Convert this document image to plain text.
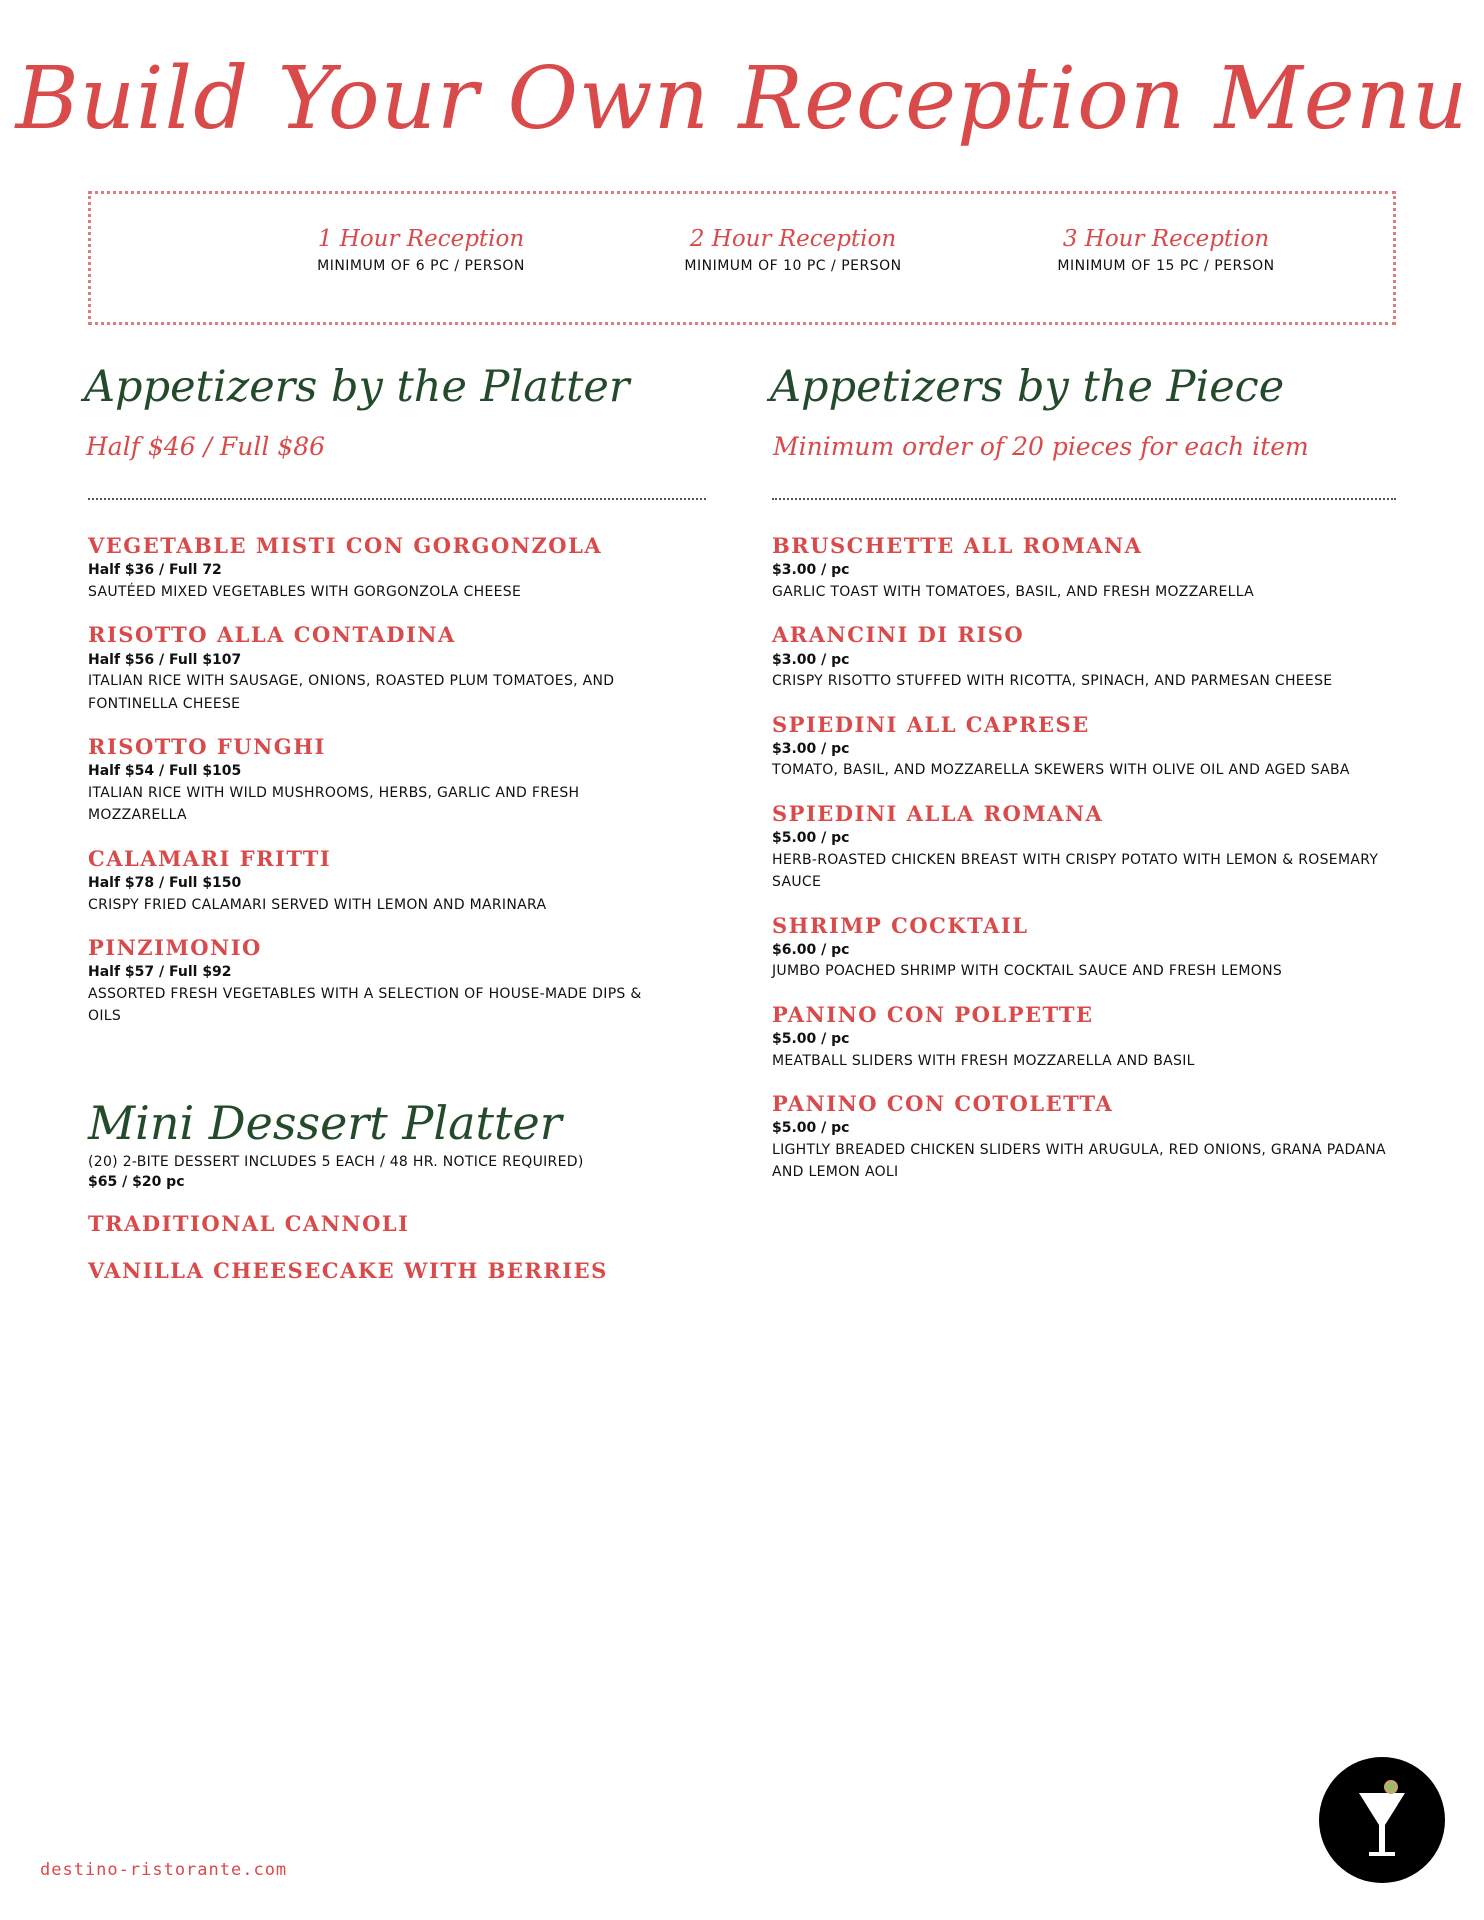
Build Your Own Reception Menu
1 Hour Reception
MINIMUM OF 6 PC / PERSON
2 Hour Reception
MINIMUM OF 10 PC / PERSON
3 Hour Reception
MINIMUM OF 15 PC / PERSON
Appetizers by the Platter
Half $46 / Full $86
VEGETABLE MISTI CON GORGONZOLA
Half $36 / Full 72
SAUTÉED MIXED VEGETABLES WITH GORGONZOLA CHEESE
RISOTTO ALLA CONTADINA
Half $56 / Full $107
ITALIAN RICE WITH SAUSAGE, ONIONS, ROASTED PLUM TOMATOES, AND FONTINELLA CHEESE
RISOTTO FUNGHI
Half $54 / Full $105
ITALIAN RICE WITH WILD MUSHROOMS, HERBS, GARLIC AND FRESH MOZZARELLA
CALAMARI FRITTI
Half $78 / Full $150
CRISPY FRIED CALAMARI SERVED WITH LEMON AND MARINARA
PINZIMONIO
Half $57 / Full $92
ASSORTED FRESH VEGETABLES WITH A SELECTION OF HOUSE-MADE DIPS & OILS
Appetizers by the Piece
Minimum order of 20 pieces for each item
BRUSCHETTE ALL ROMANA
$3.00 / pc
GARLIC TOAST WITH TOMATOES, BASIL, AND FRESH MOZZARELLA
ARANCINI DI RISO
$3.00 / pc
CRISPY RISOTTO STUFFED WITH RICOTTA, SPINACH, AND PARMESAN CHEESE
SPIEDINI ALL CAPRESE
$3.00 / pc
TOMATO, BASIL, AND MOZZARELLA SKEWERS WITH OLIVE OIL AND AGED SABA
SPIEDINI ALLA ROMANA
$5.00 / pc
HERB-ROASTED CHICKEN BREAST WITH CRISPY POTATO WITH LEMON & ROSEMARY SAUCE
SHRIMP COCKTAIL
$6.00 / pc
JUMBO POACHED SHRIMP WITH COCKTAIL SAUCE AND FRESH LEMONS
PANINO CON POLPETTE
$5.00 / pc
MEATBALL SLIDERS WITH FRESH MOZZARELLA AND BASIL
PANINO CON COTOLETTA
$5.00 / pc
LIGHTLY BREADED CHICKEN SLIDERS WITH ARUGULA, RED ONIONS, GRANA PADANA AND LEMON AOLI
Mini Dessert Platter
(20) 2-BITE DESSERT INCLUDES 5 EACH / 48 HR. NOTICE REQUIRED)
$65 / $20 pc
TRADITIONAL CANNOLI
VANILLA CHEESECAKE WITH BERRIES
destino-ristorante.com
